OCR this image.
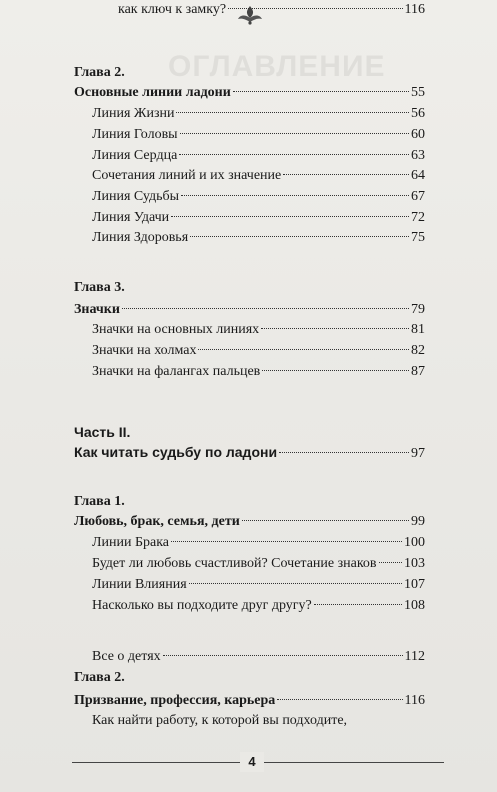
ОГЛАВЛЕНИЕ
Глава 2.
Основные линии ладони	55
Линия Жизни	56
Линия Головы	60
Линия Сердца	63
Сочетания линий и их значение	64
Линия Судьбы	67
Линия Удачи	72
Линия Здоровья	75
Глава 3.
Значки	79
Значки на основных линиях	81
Значки на холмах	82
Значки на фалангах пальцев	87
Часть II.
Как читать судьбу по ладони	97
Глава 1.
Любовь, брак, семья, дети	99
Линии Брака	100
Будет ли любовь счастливой? Сочетание знаков 103
Линии Влияния	107
Насколько вы подходите друг другу?	108
Все о детях	112
Глава 2.
Призвание, профессия, карьера	116
Как найти работу, к которой вы подходите,
как ключ к замку?	116
4
